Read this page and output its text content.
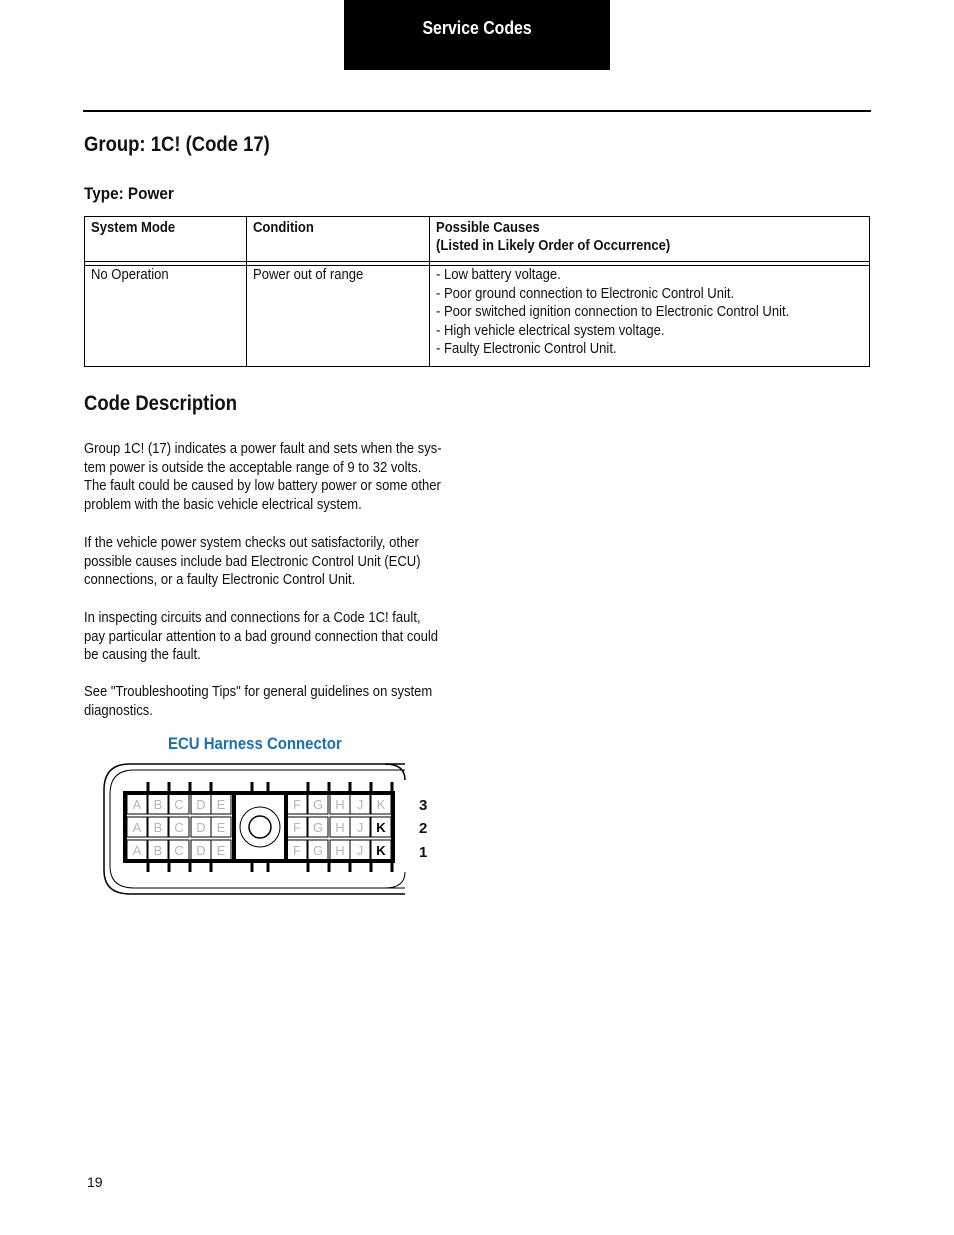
Service Codes
Group: 1C! (Code 17)
Type: Power
System Mode	Condition	Possible Causes
(Listed in Likely Order of Occurrence)
No Operation	Power out of range	- Low battery voltage.
- Poor ground connection to Electronic Control Unit.
- Poor switched ignition connection to Electronic Control Unit.
- High vehicle electrical system voltage.
- Faulty Electronic Control Unit.
Code Description
Group 1C! (17) indicates a power fault and sets when the sys-
tem power is outside the acceptable range of 9 to 32 volts.
The fault could be caused by low battery power or some other
problem with the basic vehicle electrical system.
If the vehicle power system checks out satisfactorily, other
possible causes include bad Electronic Control Unit (ECU)
connections, or a faulty Electronic Control Unit.
In inspecting circuits and connections for a Code 1C! fault,
pay particular attention to a bad ground connection that could
be causing the fault.
See "Troubleshooting Tips" for general guidelines on system
diagnostics.
ECU Harness Connector
A B C D E	F G H J K
A B C D E	F G H J K
A B C D E	F G H J K
3
2
1
19
